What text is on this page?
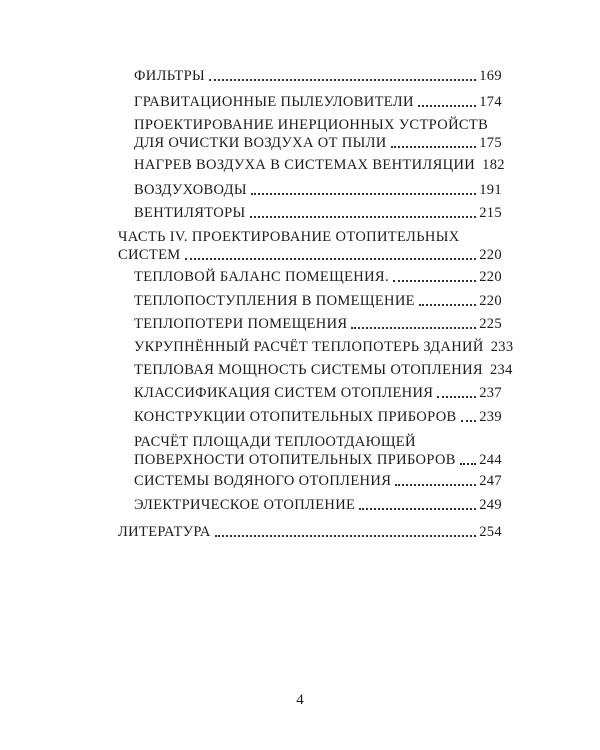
ФИЛЬТРЫ	169
ГРАВИТАЦИОННЫЕ ПЫЛЕУЛОВИТЕЛИ	174
ПРОЕКТИРОВАНИЕ ИНЕРЦИОННЫХ УСТРОЙСТВ
ДЛЯ ОЧИСТКИ ВОЗДУХА ОТ ПЫЛИ	175
НАГРЕВ ВОЗДУХА В СИСТЕМАХ ВЕНТИЛЯЦИИ 182
ВОЗДУХОВОДЫ	191
ВЕНТИЛЯТОРЫ	215
ЧАСТЬ IV. ПРОЕКТИРОВАНИЕ ОТОПИТЕЛЬНЫХ
СИСТЕМ	220
ТЕПЛОВОЙ БАЛАНС ПОМЕЩЕНИЯ.	220
ТЕПЛОПОСТУПЛЕНИЯ В ПОМЕЩЕНИЕ	220
ТЕПЛОПОТЕРИ ПОМЕЩЕНИЯ	225
УКРУПНЁННЫЙ РАСЧЁТ ТЕПЛОПОТЕРЬ ЗДАНИЙ 233
ТЕПЛОВАЯ МОЩНОСТЬ СИСТЕМЫ ОТОПЛЕНИЯ 234
КЛАССИФИКАЦИЯ СИСТЕМ ОТОПЛЕНИЯ	237
КОНСТРУКЦИИ ОТОПИТЕЛЬНЫХ ПРИБОРОВ 239
РАСЧЁТ ПЛОЩАДИ ТЕПЛООТДАЮЩЕЙ
ПОВЕРХНОСТИ ОТОПИТЕЛЬНЫХ ПРИБОРОВ 244
СИСТЕМЫ ВОДЯНОГО ОТОПЛЕНИЯ	247
ЭЛЕКТРИЧЕСКОЕ ОТОПЛЕНИЕ	249
ЛИТЕРАТУРА	254
4
